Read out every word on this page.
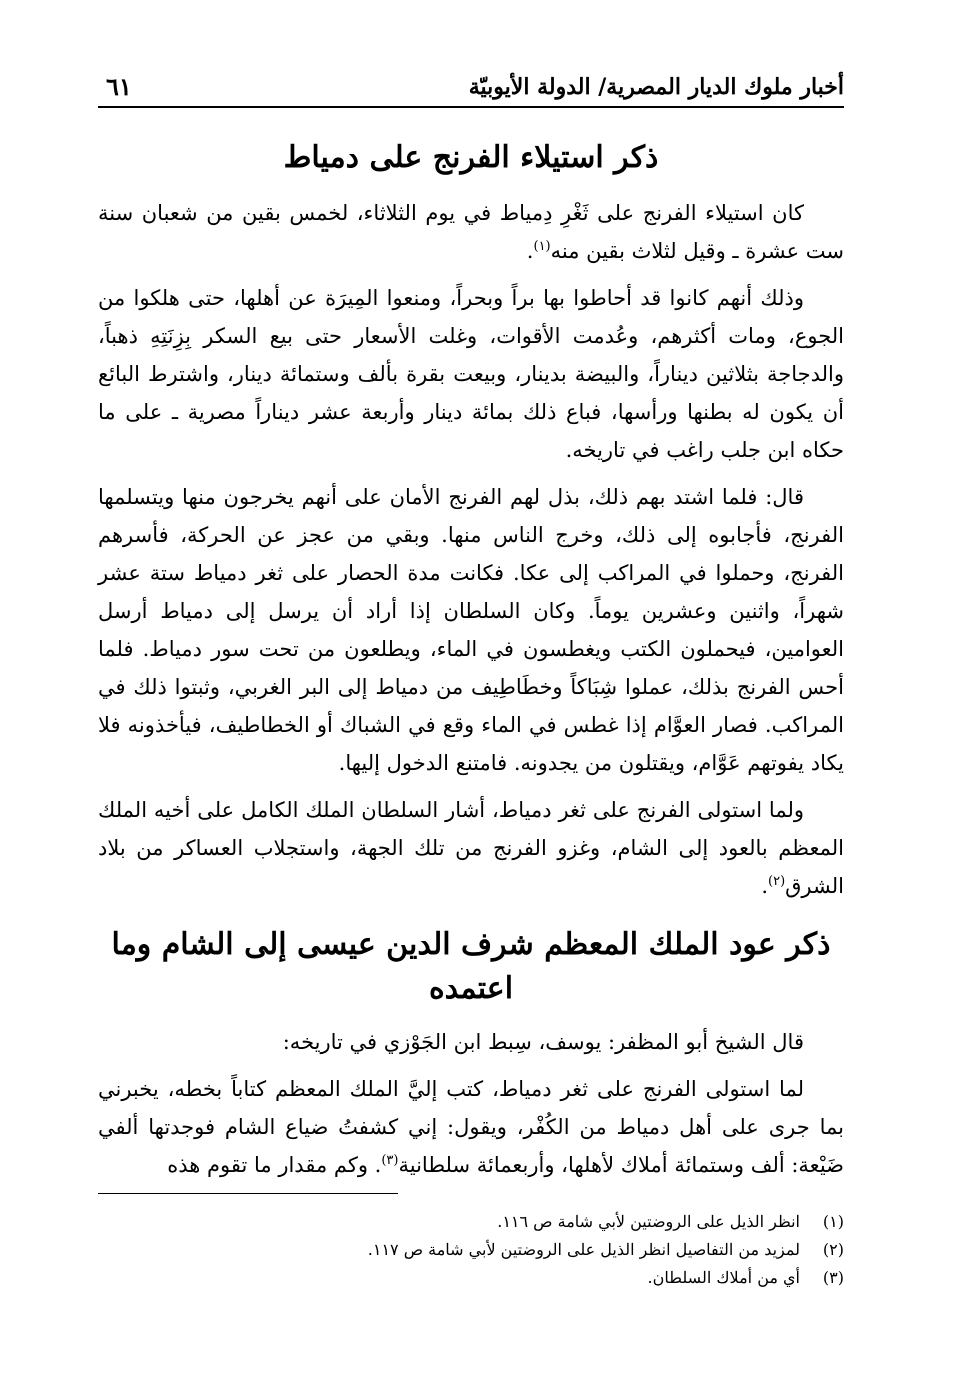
أخبار ملوك الديار المصرية/ الدولة الأيوبيّة
٦١
ذكر استيلاء الفرنج على دمياط

كان استيلاء الفرنج على ثَغْرِ دِمياط في يوم الثلاثاء، لخمس بقين من شعبان سنة ست عشرة ـ وقيل لثلاث بقين منه$^{(١)}$.

وذلك أنهم كانوا قد أحاطوا بها براً وبحراً، ومنعوا المِيرَة عن أهلها، حتى هلكوا من الجوع، ومات أكثرهم، وعُدمت الأقوات، وغلت الأسعار حتى بيع السكر بِزِنَتِهِ ذهباً، والدجاجة بثلاثين ديناراً، والبيضة بدينار، وبيعت بقرة بألف وستمائة دينار، واشترط البائع أن يكون له بطنها ورأسها، فباع ذلك بمائة دينار وأربعة عشر ديناراً مصرية ـ على ما حكاه ابن جلب راغب في تاريخه.

قال: فلما اشتد بهم ذلك، بذل لهم الفرنج الأمان على أنهم يخرجون منها ويتسلمها الفرنج، فأجابوه إلى ذلك، وخرج الناس منها. وبقي من عجز عن الحركة، فأسرهم الفرنج، وحملوا في المراكب إلى عكا. فكانت مدة الحصار على ثغر دمياط ستة عشر شهراً، واثنين وعشرين يوماً. وكان السلطان إذا أراد أن يرسل إلى دمياط أرسل العوامين، فيحملون الكتب ويغطسون في الماء، ويطلعون من تحت سور دمياط. فلما أحس الفرنج بذلك، عملوا شِبَاكاً وخطَاطِيف من دمياط إلى البر الغربي، وثبتوا ذلك في المراكب. فصار العوَّام إذا غطس في الماء وقع في الشباك أو الخطاطيف، فيأخذونه فلا يكاد يفوتهم عَوَّام، ويقتلون من يجدونه. فامتنع الدخول إليها.

ولما استولى الفرنج على ثغر دمياط، أشار السلطان الملك الكامل على أخيه الملك المعظم بالعود إلى الشام، وغزو الفرنج من تلك الجهة، واستجلاب العساكر من بلاد الشرق$^{(٢)}$.

ذكر عود الملك المعظم شرف الدين عيسى إلى الشام وما اعتمده

قال الشيخ أبو المظفر: يوسف، سِبط ابن الجَوْزي في تاريخه:

لما استولى الفرنج على ثغر دمياط، كتب إليَّ الملك المعظم كتاباً بخطه، يخبرني بما جرى على أهل دمياط من الكُفْر، ويقول: إني كشفتُ ضياع الشام فوجدتها ألفي ضَيْعة: ألف وستمائة أملاك لأهلها، وأربعمائة سلطانية$^{(٣)}$. وكم مقدار ما تقوم هذه

(١)
انظر الذيل على الروضتين لأبي شامة ص ١١٦.
(٢)
لمزيد من التفاصيل انظر الذيل على الروضتين لأبي شامة ص ١١٧.
(٣)
أي من أملاك السلطان.
